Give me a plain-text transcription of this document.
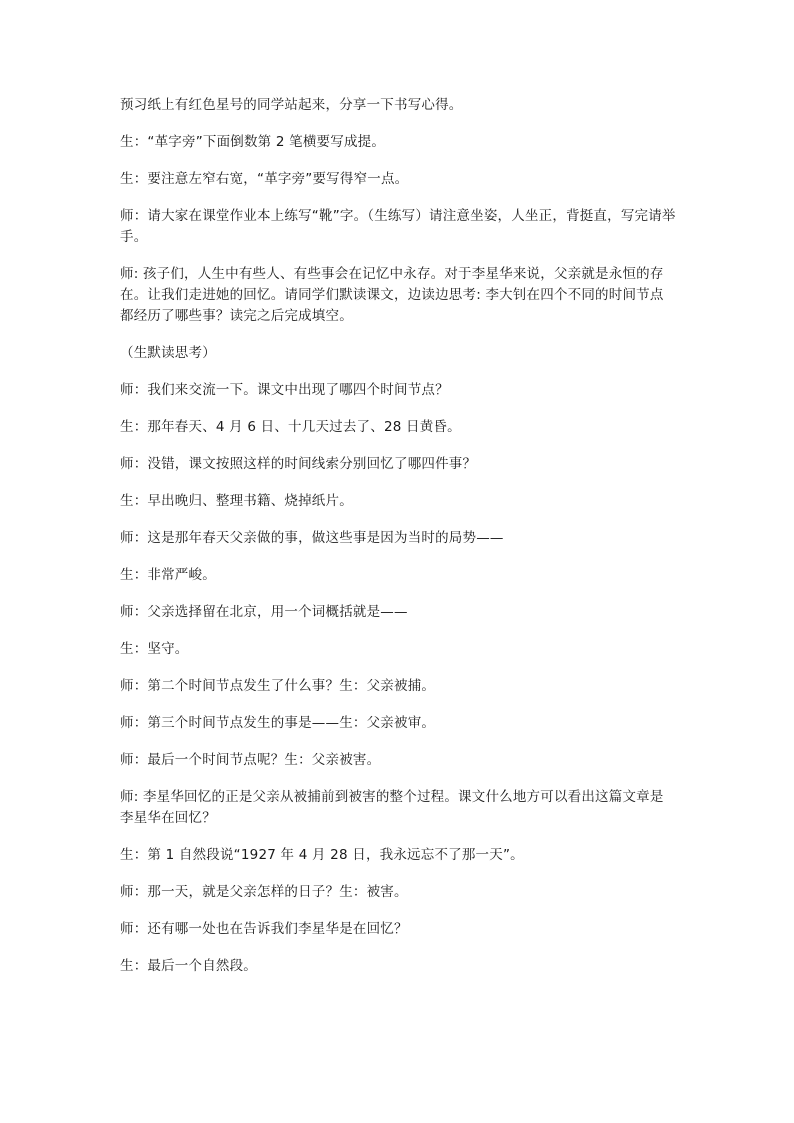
预习纸上有红色星号的同学站起来，分享一下书写心得。

生：“革字旁”下面倒数第 2 笔横要写成提。

生：要注意左窄右宽，“革字旁”要写得窄一点。

师：请大家在课堂作业本上练写“靴”字。（生练写）请注意坐姿，人坐正，背挺直，写完请举手。

师: 孩子们，人生中有些人、有些事会在记忆中永存。对于李星华来说，父亲就是永恒的存在。让我们走进她的回忆。请同学们默读课文，边读边思考: 李大钊在四个不同的时间节点都经历了哪些事？读完之后完成填空。

（生默读思考）

师：我们来交流一下。课文中出现了哪四个时间节点？

生：那年春天、4 月 6 日、十几天过去了、28 日黄昏。

师：没错，课文按照这样的时间线索分别回忆了哪四件事？

生：早出晚归、整理书籍、烧掉纸片。

师：这是那年春天父亲做的事，做这些事是因为当时的局势——

生：非常严峻。

师：父亲选择留在北京，用一个词概括就是——

生：坚守。

师：第二个时间节点发生了什么事？生：父亲被捕。

师：第三个时间节点发生的事是——生：父亲被审。

师：最后一个时间节点呢？生：父亲被害。

师: 李星华回忆的正是父亲从被捕前到被害的整个过程。课文什么地方可以看出这篇文章是李星华在回忆？

生：第 1 自然段说“1927 年 4 月 28 日，我永远忘不了那一天”。

师：那一天，就是父亲怎样的日子？生：被害。

师：还有哪一处也在告诉我们李星华是在回忆？

生：最后一个自然段。
